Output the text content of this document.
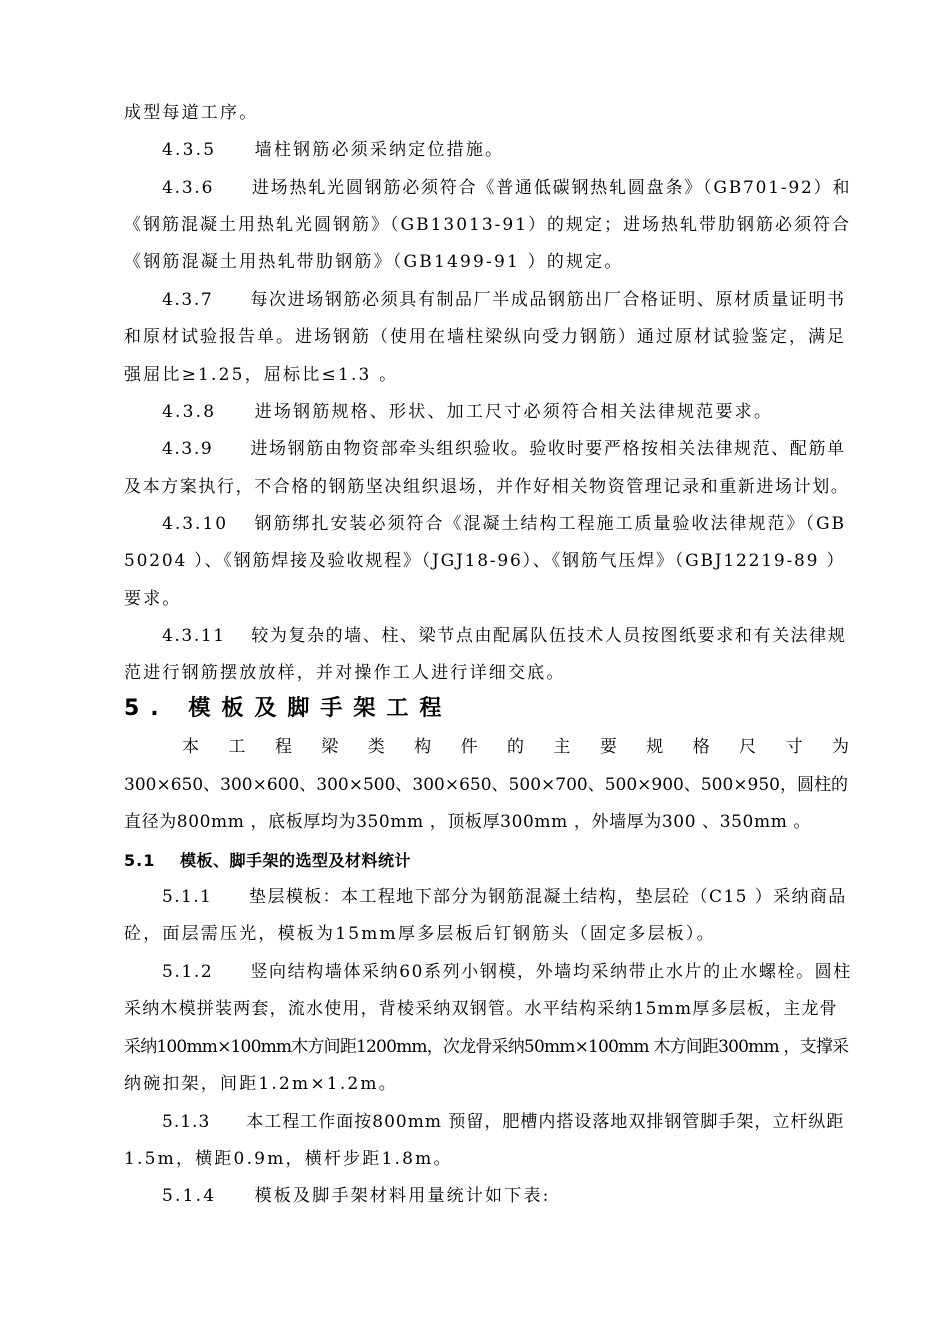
成型每道工序。
4.3.5　　墙柱钢筋必须采纳定位措施。
4.3.6　　进场热轧光圆钢筋必须符合《普通低碳钢热轧圆盘条》（GB701-92）和
《钢筋混凝土用热轧光圆钢筋》（GB13013-91）的规定；进场热轧带肋钢筋必须符合
《钢筋混凝土用热轧带肋钢筋》（GB1499-91 ）的规定。
4.3.7　　每次进场钢筋必须具有制品厂半成品钢筋出厂合格证明、原材质量证明书
和原材试验报告单。进场钢筋（使用在墙柱梁纵向受力钢筋）通过原材试验鉴定，满足
强屈比≥1.25，屈标比≤1.3 。
4.3.8　　进场钢筋规格、形状、加工尺寸必须符合相关法律规范要求。
4.3.9　　进场钢筋由物资部牵头组织验收。验收时要严格按相关法律规范、配筋单
及本方案执行，不合格的钢筋坚决组织退场，并作好相关物资管理记录和重新进场计划。
4.3.10　 钢筋绑扎安装必须符合《混凝土结构工程施工质量验收法律规范》（GB
50204 ）、《钢筋焊接及验收规程》（JGJ18-96）、《钢筋气压焊》（GBJ12219-89 ）
要求。
4.3.11　 较为复杂的墙、柱、梁节点由配属队伍技术人员按图纸要求和有关法律规
范进行钢筋摆放放样，并对操作工人进行详细交底。
5. 模板及脚手架工程
本工程梁类构件的主要规格尺寸为
300×650、300×600、300×500、300×650、500×700、500×900、500×950，圆柱的
直径为800mm ，底板厚均为350mm ，顶板厚300mm ，外墙厚为300 、350mm 。
5.1 模板、脚手架的选型及材料统计
5.1.1　　垫层模板：本工程地下部分为钢筋混凝土结构，垫层砼（C15 ）采纳商品
砼，面层需压光，模板为15mm厚多层板后钉钢筋头（固定多层板）。
5.1.2　　竖向结构墙体采纳60系列小钢模，外墙均采纳带止水片的止水螺栓。圆柱
采纳木模拼装两套，流水使用，背棱采纳双钢管。水平结构采纳15mm厚多层板，主龙骨
采纳100mm×100mm木方间距1200mm，次龙骨采纳50mm×100mm 木方间距300mm ，支撑采
纳碗扣架，间距1.2m×1.2m。
5.1.3　　本工程工作面按800mm 预留，肥槽内搭设落地双排钢管脚手架，立杆纵距
1.5m，横距0.9m，横杆步距1.8m。
5.1.4　　模板及脚手架材料用量统计如下表:
